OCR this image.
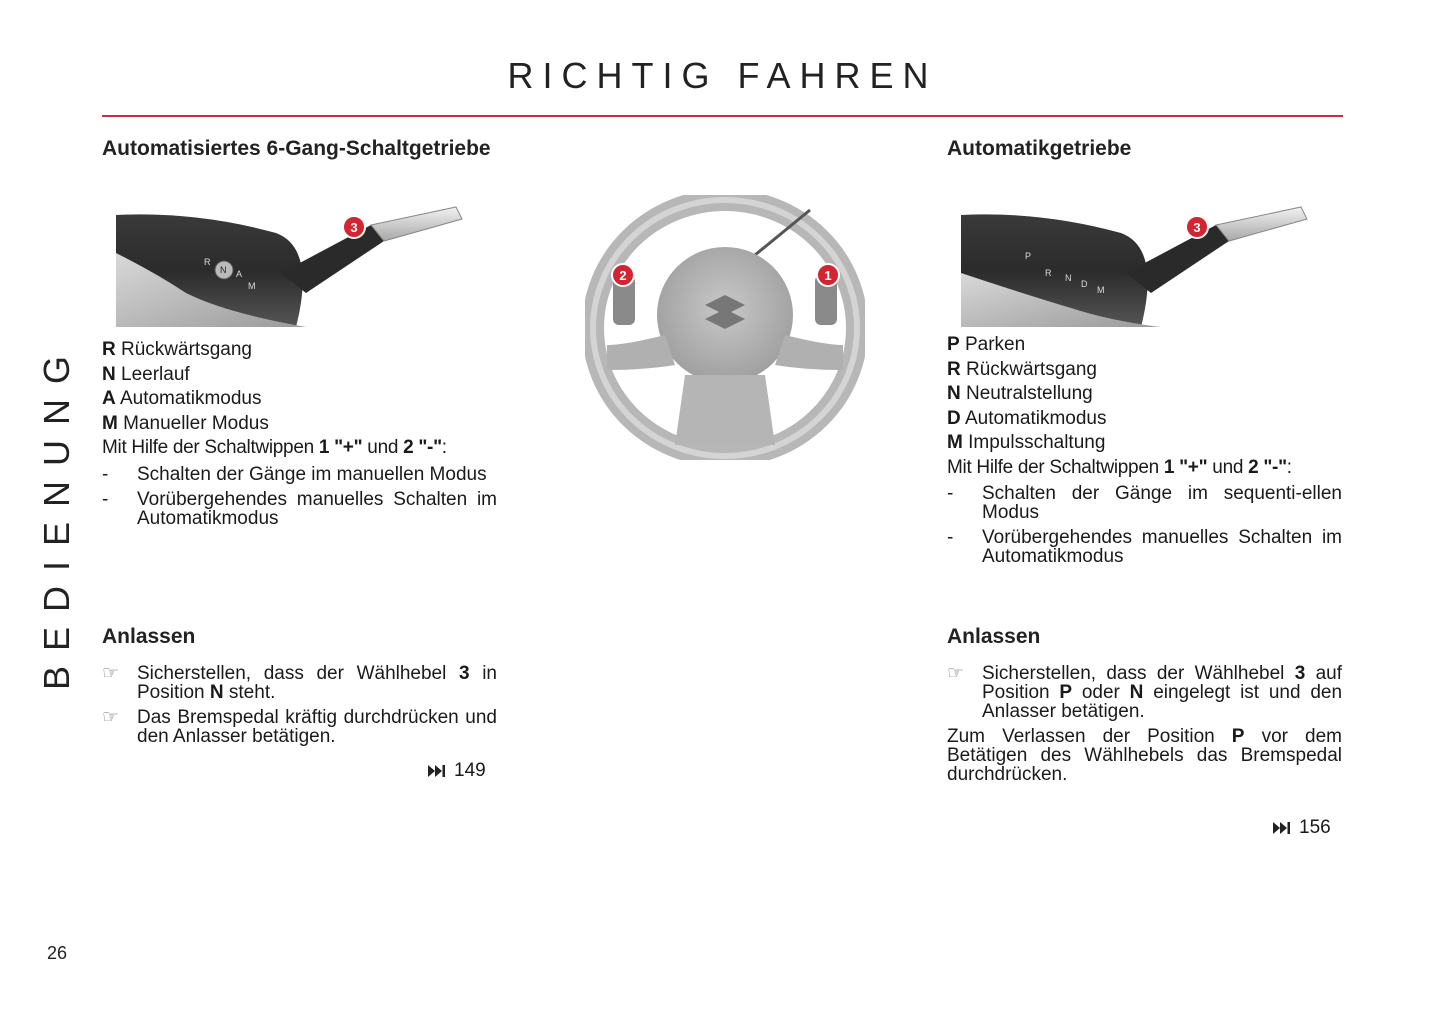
RICHTIG FAHREN
BEDIENUNG
26
Automatisiertes 6-Gang-Schaltgetriebe
R
N A
M
3

R Rückwärtsgang

N Leerlauf

A Automatikmodus

M Manueller Modus

Mit Hilfe der Schaltwippen 1 "+" und 2 "-":

- Schalten der Gänge im manuellen Modus
- Vorübergehendes manuelles Schalten im Automatikmodus
Anlassen
☞ Sicherstellen, dass der Wählhebel 3 in Position N steht.
☞ Das Bremspedal kräftig durchdrücken und den Anlasser betätigen.
149
2	1
Automatikgetriebe
P
R N
D
M
3

P Parken

R Rückwärtsgang

N Neutralstellung

D Automatikmodus

M Impulsschaltung

Mit Hilfe der Schaltwippen 1 "+" und 2 "-":

- Schalten der Gänge im sequenti-ellen Modus
- Vorübergehendes manuelles Schalten im Automatikmodus
Anlassen
☞ Sicherstellen, dass der Wählhebel 3 auf Position P oder N eingelegt ist und den Anlasser betätigen.

Zum Verlassen der Position P vor dem Betätigen des Wählhebels das Bremspedal durchdrücken.

156
